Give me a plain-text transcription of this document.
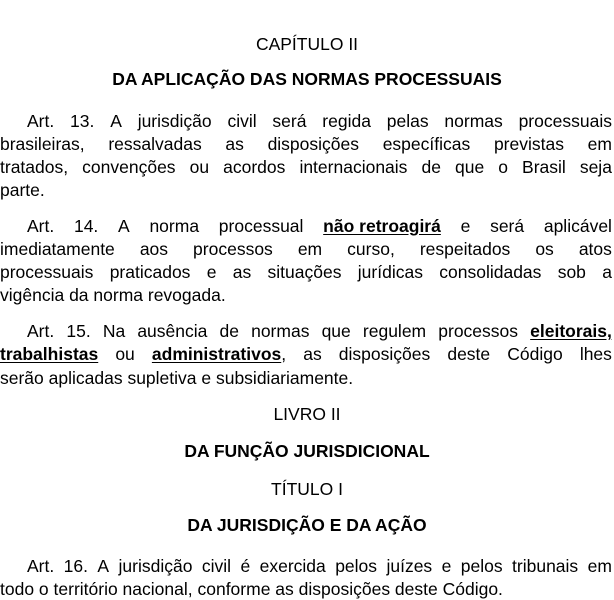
CAPÍTULO II
DA APLICAÇÃO DAS NORMAS PROCESSUAIS
Art. 13. A jurisdição civil será regida pelas normas processuais
brasileiras, ressalvadas as disposições específicas previstas em
tratados, convenções ou acordos internacionais de que o Brasil seja
parte.
Art. 14. A norma processual não retroagirá e será aplicável
imediatamente aos processos em curso, respeitados os atos
processuais praticados e as situações jurídicas consolidadas sob a
vigência da norma revogada.
Art. 15. Na ausência de normas que regulem processos eleitorais,
trabalhistas ou administrativos, as disposições deste Código lhes
serão aplicadas supletiva e subsidiariamente.
LIVRO II
DA FUNÇÃO JURISDICIONAL
TÍTULO I
DA JURISDIÇÃO E DA AÇÃO
Art. 16. A jurisdição civil é exercida pelos juízes e pelos tribunais em
todo o território nacional, conforme as disposições deste Código.
